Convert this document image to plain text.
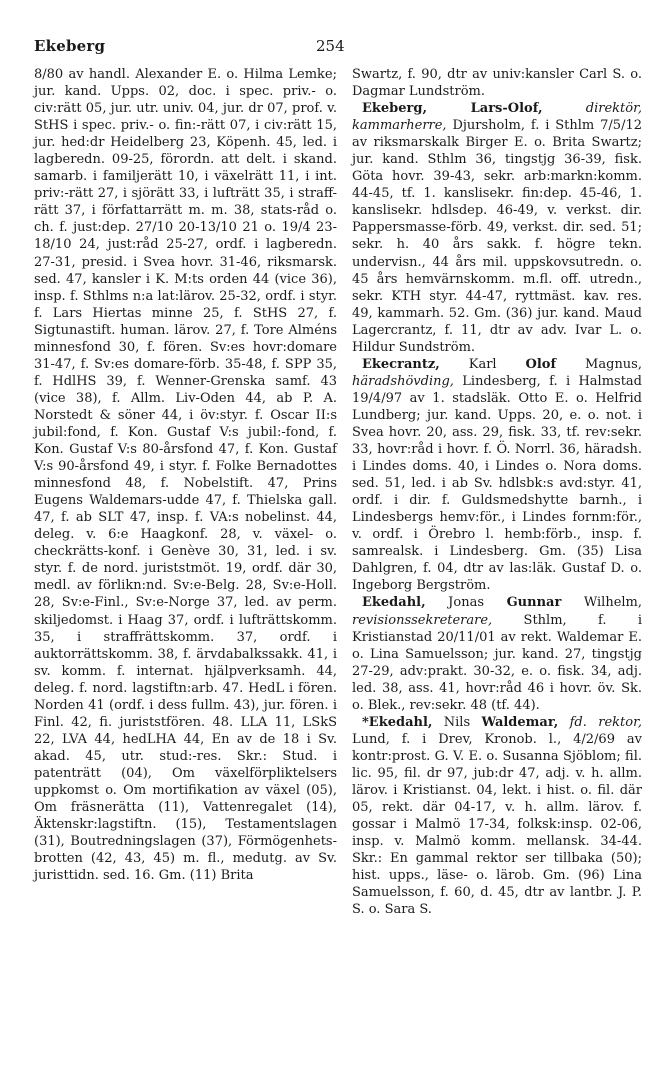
Ekeberg	254

8/80 av handl. Alexander E. o. Hilma Lemke; jur. kand. Upps. 02, doc. i spec. priv.- o. civ:rätt 05, jur. utr. univ. 04, jur. dr 07, prof. v. StHS i spec. priv.- o. fin:-rätt 07, i civ:rätt 15, jur. hed:dr Heidelberg 23, Köpenh. 45, led. i lagberedn. 09-25, förordn. att delt. i skand. samarb. i familjerätt 10, i växelrätt 11, i int. priv:-rätt 27, i sjörätt 33, i lufträtt 35, i straff-rätt 37, i författarrätt m. m. 38, stats-råd o. ch. f. just:dep. 27/10 20-13/10 21 o. 19/4 23-18/10 24, just:råd 25-27, ordf. i lagberedn. 27-31, presid. i Svea hovr. 31-46, riksmarsk. sed. 47, kansler i K. M:ts orden 44 (vice 36), insp. f. Sthlms n:a lat:lärov. 25-32, ordf. i styr. f. Lars Hiertas minne 25, f. StHS 27, f. Sigtunastift. human. lärov. 27, f. Tore Alméns minnesfond 30, f. fören. Sv:es hovr:domare 31-47, f. Sv:es domare-förb. 35-48, f. SPP 35, f. HdlHS 39, f. Wenner-Grenska samf. 43 (vice 38), f. Allm. Liv-Oden 44, ab P. A. Norstedt & söner 44, i öv:styr. f. Oscar II:s jubil:fond, f. Kon. Gustaf V:s jubil:-fond, f. Kon. Gustaf V:s 80-årsfond 47, f. Kon. Gustaf V:s 90-årsfond 49, i styr. f. Folke Bernadottes minnesfond 48, f. Nobelstift. 47, Prins Eugens Waldemars-udde 47, f. Thielska gall. 47, f. ab SLT 47, insp. f. VA:s nobelinst. 44, deleg. v. 6:e Haagkonf. 28, v. växel- o. checkrätts-konf. i Genève 30, 31, led. i sv. styr. f. de nord. juriststmöt. 19, ordf. där 30, medl. av förlikn:nd. Sv:e-Belg. 28, Sv:e-Holl. 28, Sv:e-Finl., Sv:e-Norge 37, led. av perm. skiljedomst. i Haag 37, ordf. i lufträttskomm. 35, i straffrättskomm. 37, ordf. i auktorrättskomm. 38, f. ärvdabalkssakk. 41, i sv. komm. f. internat. hjälpverksamh. 44, deleg. f. nord. lagstiftn:arb. 47. HedL i fören. Norden 41 (ordf. i dess fullm. 43), jur. fören. i Finl. 42, fi. juriststfören. 48. LLA 11, LSkS 22, LVA 44, hedLHA 44, En av de 18 i Sv. akad. 45, utr. stud:-res. Skr.: Stud. i patenträtt (04), Om växelförpliktelsers uppkomst o. Om mortifikation av växel (05), Om fräsnerätta (11), Vattenregalet (14), Äktenskr:lagstiftn. (15), Testamentslagen (31), Boutredningslagen (37), Förmögenhets-brotten (42, 43, 45) m. fl., medutg. av Sv. juristtidn. sed. 16. Gm. (11) Brita

Swartz, f. 90, dtr av univ:kansler Carl S. o. Dagmar Lundström.

Ekeberg, Lars-Olof,	direktör, kammarherre, Djursholm, f. i Sthlm 7/5/12 av riksmarskalk Birger E. o. Brita Swartz; jur. kand. Sthlm 36, tingstjg 36-39, fisk. Göta hovr. 39-43, sekr. arb:markn:komm. 44-45, tf. 1. kanslisekr. fin:dep. 45-46, 1. kanslisekr. hdlsdep. 46-49, v. verkst. dir. Pappersmasse-förb. 49, verkst. dir. sed. 51; sekr. h. 40 års sakk. f. högre tekn. undervisn., 44 års mil. uppskovsutredn. o. 45 års hemvärnskomm. m.fl. off. utredn., sekr. KTH styr. 44-47, ryttmäst. kav. res. 49, kammarh. 52. Gm. (36) jur. kand. Maud Lagercrantz, f. 11, dtr av adv. Ivar L. o. Hildur Sundström.

Ekecrantz, Karl Olof Magnus, häradshövding, Lindesberg, f. i Halmstad 19/4/97 av 1. stadsläk. Otto E. o. Helfrid Lundberg; jur. kand. Upps. 20, e. o. not. i Svea hovr. 20, ass. 29, fisk. 33, tf. rev:sekr. 33, hovr:råd i hovr. f. Ö. Norrl. 36, häradsh. i Lindes doms. 40, i Lindes o. Nora doms. sed. 51, led. i ab Sv. hdlsbk:s avd:styr. 41, ordf. i dir. f. Guldsmedshytte barnh., i Lindesbergs hemv:för., i Lindes fornm:för., v. ordf. i Örebro l. hemb:förb., insp. f. samrealsk. i Lindesberg. Gm. (35) Lisa Dahlgren, f. 04, dtr av las:läk. Gustaf D. o. Ingeborg Bergström.

Ekedahl, Jonas Gunnar Wilhelm, revisionssekreterare, Sthlm, f. i Kristianstad 20/11/01 av rekt. Waldemar E. o. Lina Samuelsson; jur. kand. 27, tingstjg 27-29, adv:prakt. 30-32, e. o. fisk. 34, adj. led. 38, ass. 41, hovr:råd 46 i hovr. öv. Sk. o. Blek., rev:sekr. 48 (tf. 44).

*Ekedahl, Nils Waldemar, fd. rektor, Lund, f. i Drev, Kronob. l., 4/2/69 av kontr:prost. G. V. E. o. Susanna Sjöblom; fil. lic. 95, fil. dr 97, jub:dr 47, adj. v. h. allm. lärov. i Kristianst. 04, lekt. i hist. o. fil. där 05, rekt. där 04-17, v. h. allm. lärov. f. gossar i Malmö 17-34, folksk:insp. 02-06, insp. v. Malmö komm. mellansk. 34-44. Skr.: En gammal rektor ser tillbaka (50); hist. upps., läse- o. lärob. Gm. (96) Lina Samuelsson, f. 60, d. 45, dtr av lantbr. J. P. S. o. Sara S.
